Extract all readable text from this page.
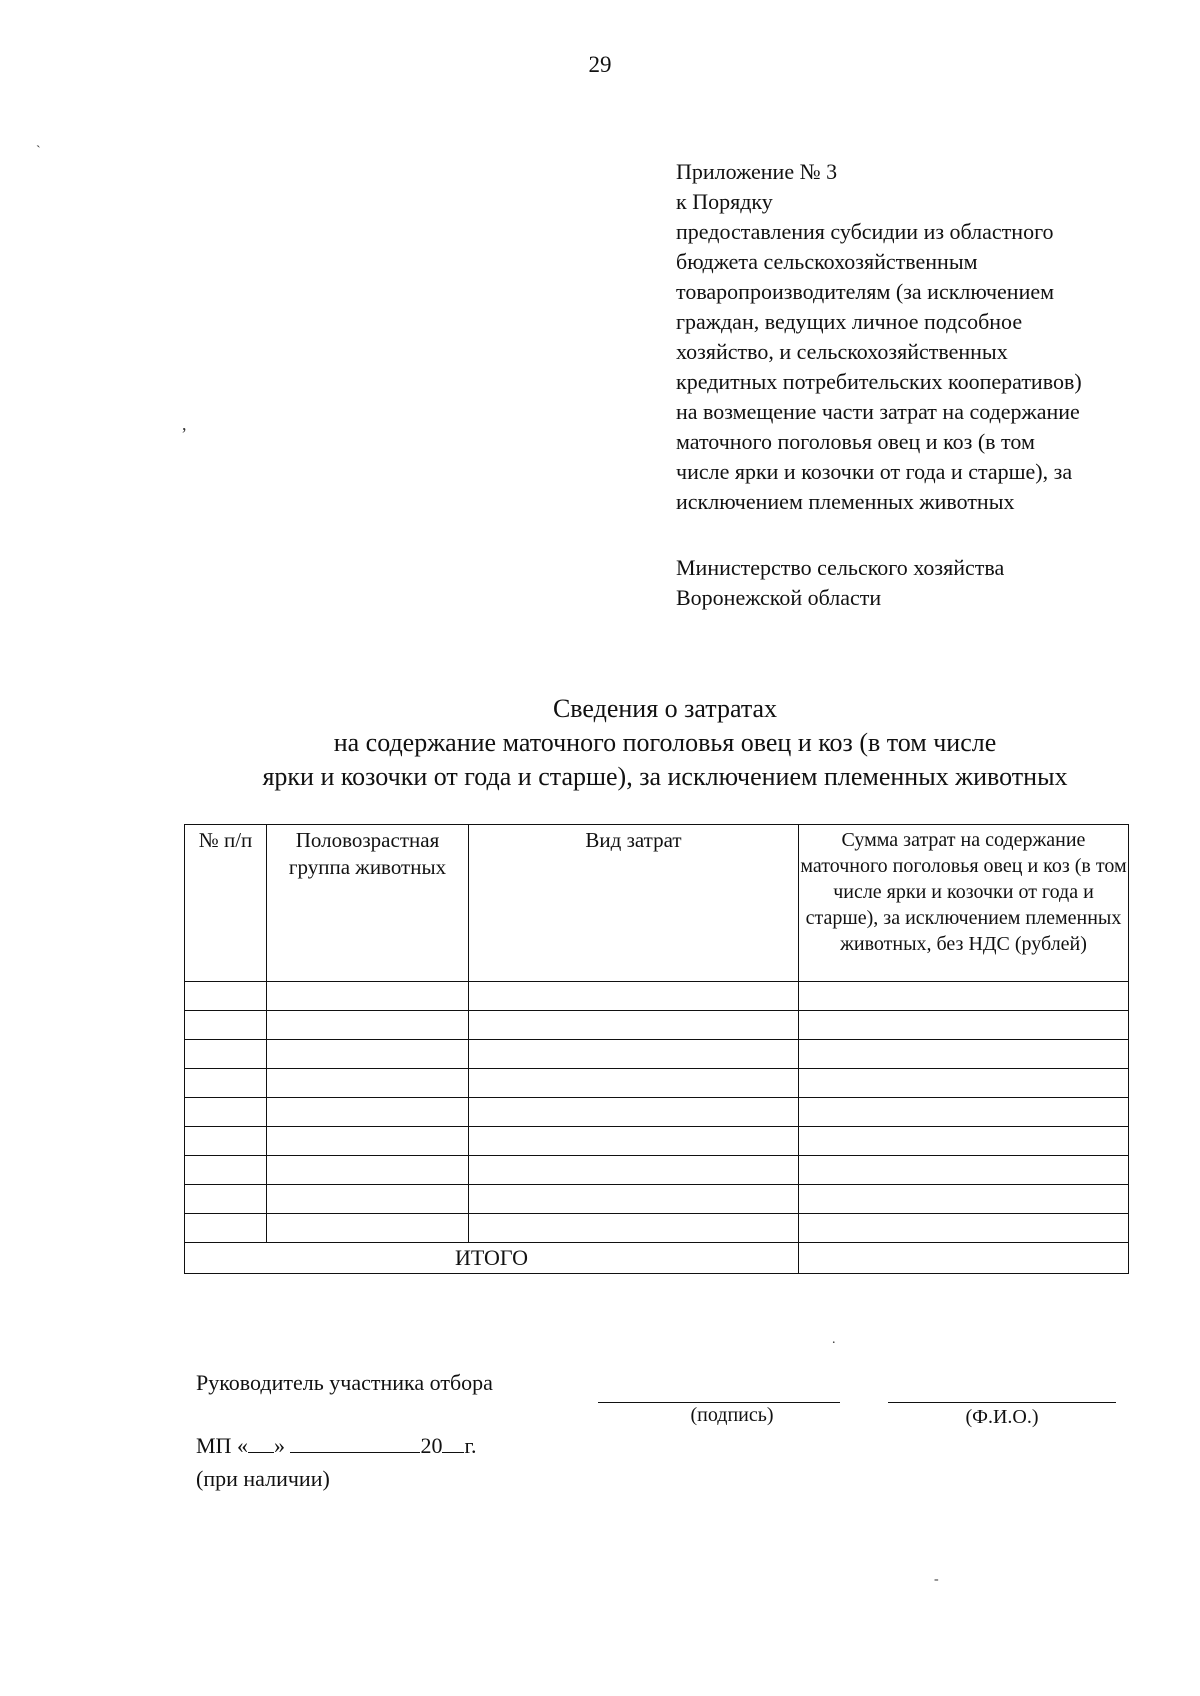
29
`
,
.
-
Приложение № 3
к Порядку
предоставления субсидии из областного
бюджета сельскохозяйственным
товаропроизводителям (за исключением
граждан, ведущих личное подсобное
хозяйство, и сельскохозяйственных
кредитных потребительских кооперативов)
на возмещение части затрат на содержание
маточного поголовья овец и коз (в том
числе ярки и козочки от года и старше), за
исключением племенных животных
Министерство сельского хозяйства
Воронежской области
Сведения о затратах
на содержание маточного поголовья овец и коз (в том числе
ярки и козочки от года и старше), за исключением племенных животных
№ п/п	Половозрастная группа животных	Вид затрат	Сумма затрат на содержание маточного поголовья овец и коз (в том числе ярки и козочки от года и старше), за исключением племенных животных, без НДС (рублей)

ИТОГО			
Руководитель участника отбора
(подпись)	(Ф.И.О.)
МП « »	20 г.
(при наличии)
